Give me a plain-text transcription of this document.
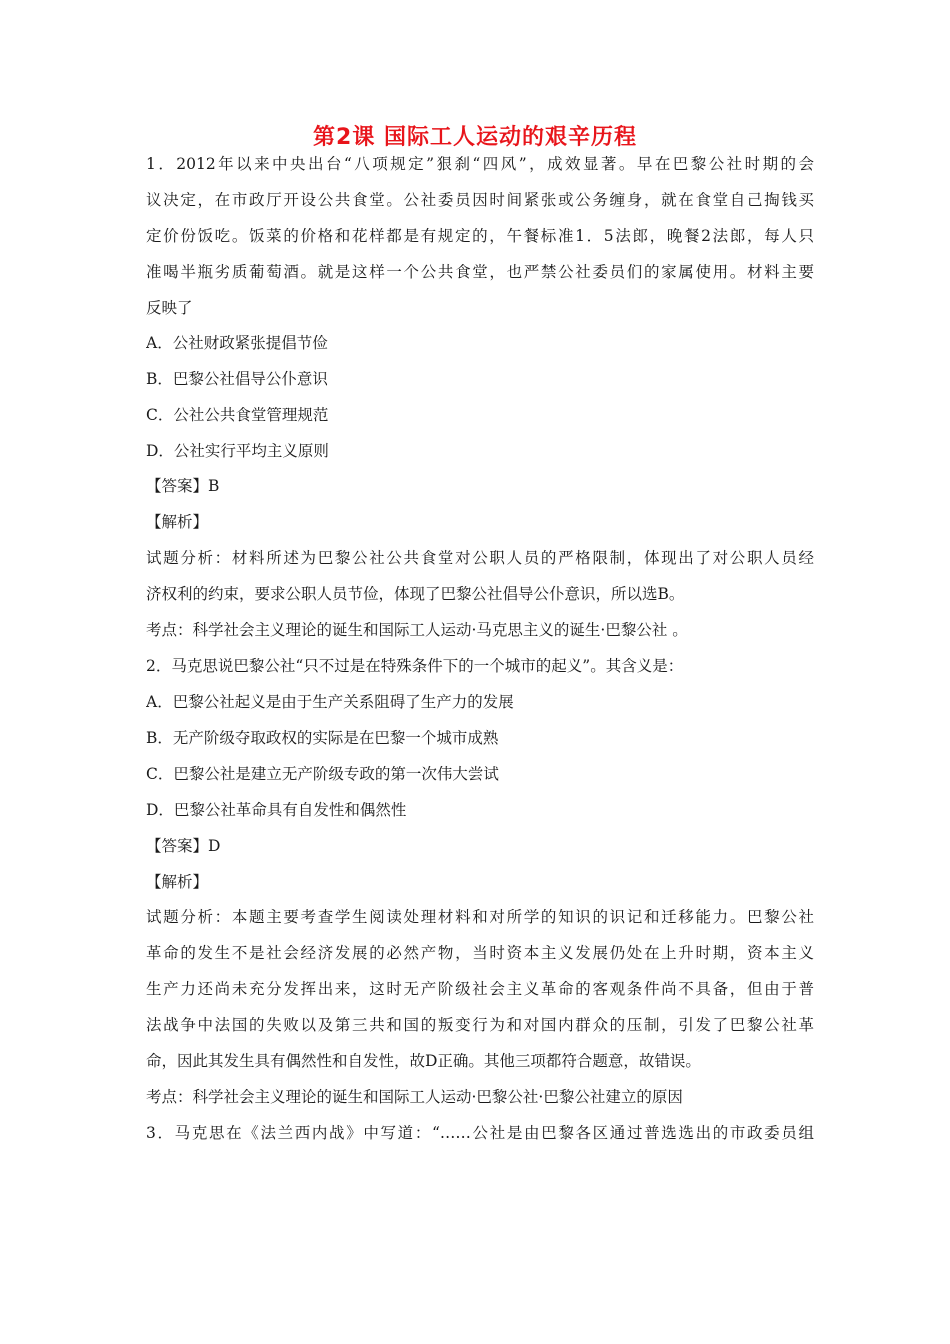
第2课 国际工人运动的艰辛历程
1．2012年以来中央出台“八项规定”狠刹“四风”，成效显著。早在巴黎公社时期的会
议决定，在市政厅开设公共食堂。公社委员因时间紧张或公务缠身，就在食堂自己掏钱买
定价份饭吃。饭菜的价格和花样都是有规定的，午餐标准1．5法郎，晚餐2法郎，每人只
准喝半瓶劣质葡萄酒。就是这样一个公共食堂，也严禁公社委员们的家属使用。材料主要
反映了
A．公社财政紧张提倡节俭
B．巴黎公社倡导公仆意识
C．公社公共食堂管理规范
D．公社实行平均主义原则
【答案】B
【解析】
试题分析：材料所述为巴黎公社公共食堂对公职人员的严格限制，体现出了对公职人员经
济权利的约束，要求公职人员节俭，体现了巴黎公社倡导公仆意识，所以选B。
考点：科学社会主义理论的诞生和国际工人运动·马克思主义的诞生·巴黎公社 。
2．马克思说巴黎公社“只不过是在特殊条件下的一个城市的起义”。其含义是：
A．巴黎公社起义是由于生产关系阻碍了生产力的发展
B．无产阶级夺取政权的实际是在巴黎一个城市成熟
C．巴黎公社是建立无产阶级专政的第一次伟大尝试
D．巴黎公社革命具有自发性和偶然性
【答案】D
【解析】
试题分析：本题主要考查学生阅读处理材料和对所学的知识的识记和迁移能力。巴黎公社
革命的发生不是社会经济发展的必然产物，当时资本主义发展仍处在上升时期，资本主义
生产力还尚未充分发挥出来，这时无产阶级社会主义革命的客观条件尚不具备，但由于普
法战争中法国的失败以及第三共和国的叛变行为和对国内群众的压制，引发了巴黎公社革
命，因此其发生具有偶然性和自发性，故D正确。其他三项都符合题意，故错误。
考点：科学社会主义理论的诞生和国际工人运动·巴黎公社·巴黎公社建立的原因
3．马克思在《法兰西内战》中写道：“……公社是由巴黎各区通过普选选出的市政委员组
